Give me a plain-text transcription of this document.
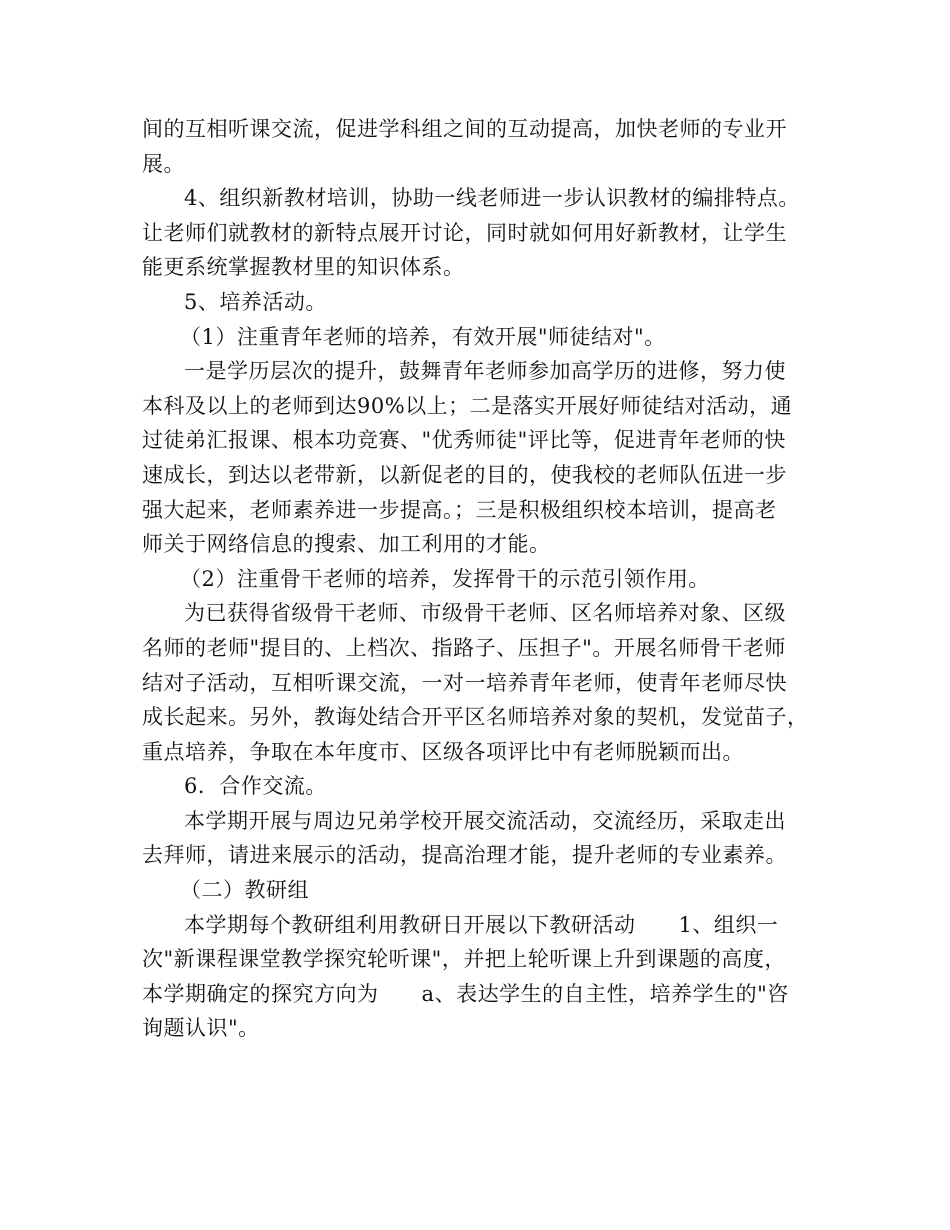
间的互相听课交流，促进学科组之间的互动提高，加快老师的专业开
展。
4、组织新教材培训，协助一线老师进一步认识教材的编排特点。
让老师们就教材的新特点展开讨论，同时就如何用好新教材，让学生
能更系统掌握教材里的知识体系。
5、培养活动。
（1）注重青年老师的培养，有效开展"师徒结对"。
一是学历层次的提升，鼓舞青年老师参加高学历的进修，努力使
本科及以上的老师到达90%以上；二是落实开展好师徒结对活动，通
过徒弟汇报课、根本功竞赛、"优秀师徒"评比等，促进青年老师的快
速成长，到达以老带新，以新促老的目的，使我校的老师队伍进一步
强大起来，老师素养进一步提高。；三是积极组织校本培训，提高老
师关于网络信息的搜索、加工利用的才能。
（2）注重骨干老师的培养，发挥骨干的示范引领作用。
为已获得省级骨干老师、市级骨干老师、区名师培养对象、区级
名师的老师"提目的、上档次、指路子、压担子"。开展名师骨干老师
结对子活动，互相听课交流，一对一培养青年老师，使青年老师尽快
成长起来。另外，教诲处结合开平区名师培养对象的契机，发觉苗子，
重点培养，争取在本年度市、区级各项评比中有老师脱颖而出。
6．合作交流。
本学期开展与周边兄弟学校开展交流活动，交流经历，采取走出
去拜师，请进来展示的活动，提高治理才能，提升老师的专业素养。
（二）教研组
本学期每个教研组利用教研日开展以下教研活动      1、组织一
次"新课程课堂教学探究轮听课"，并把上轮听课上升到课题的高度，
本学期确定的探究方向为      a、表达学生的自主性，培养学生的"咨
询题认识"。
